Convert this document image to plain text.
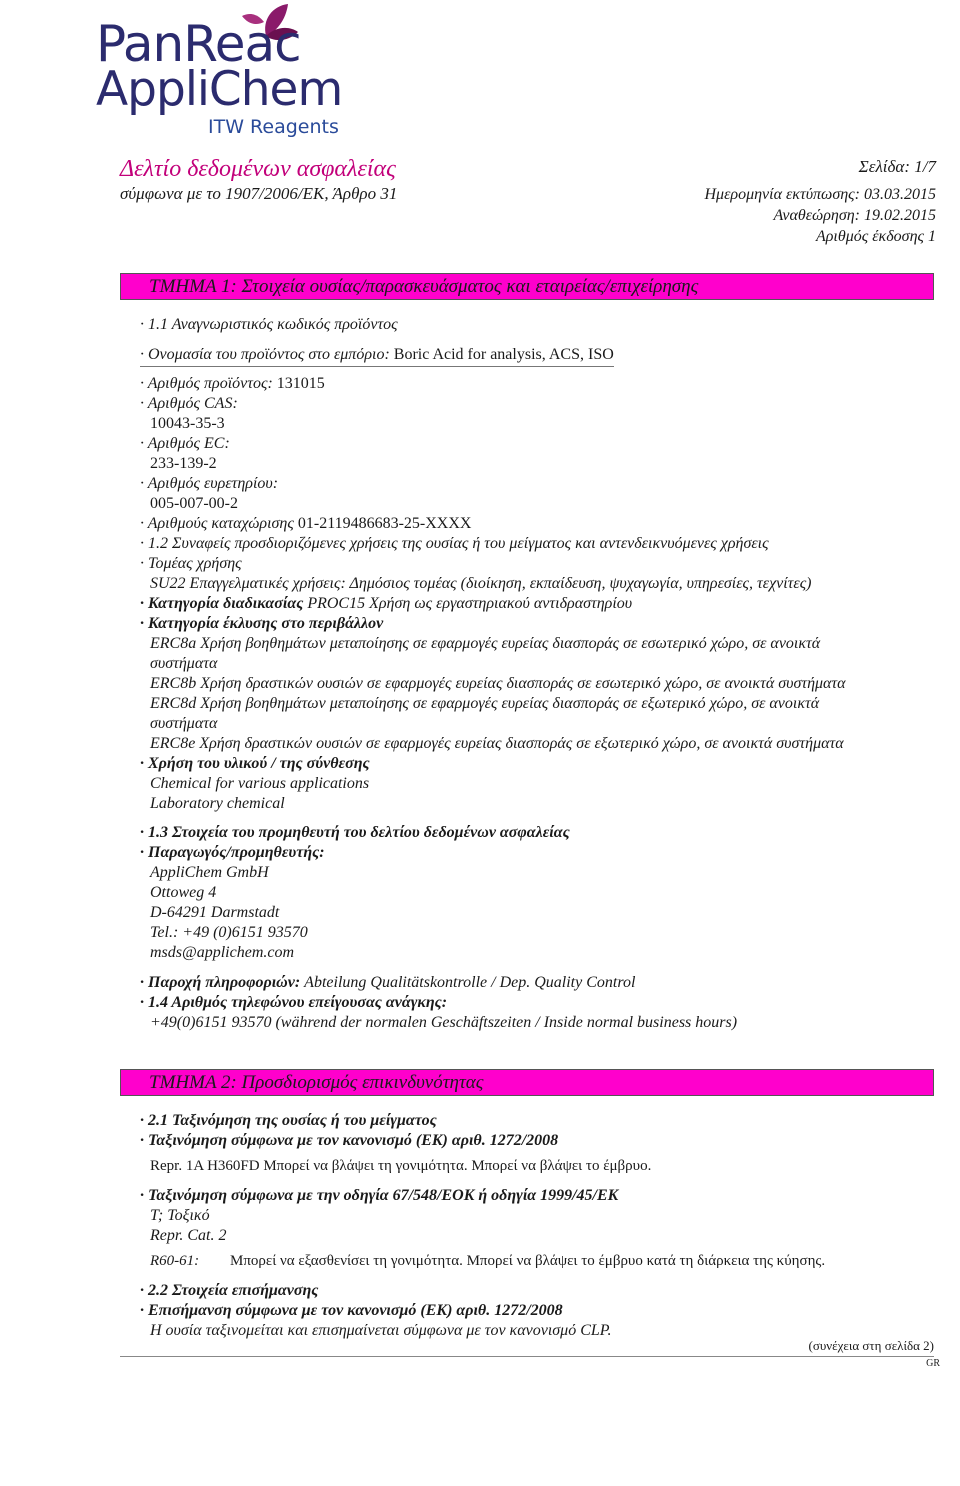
PanReac
AppliChem
ITW Reagents
Δελτίο δεδομένων ασφαλείας
σύμφωνα με το 1907/2006/ΕΚ, Άρθρο 31
Σελίδα: 1/7
Ημερομηνία εκτύπωσης: 03.03.2015
Αναθεώρηση: 19.02.2015
Αριθμός έκδοσης 1
ΤΜΗΜΑ 1: Στοιχεία ουσίας/παρασκευάσματος και εταιρείας/επιχείρησης
· 1.1 Αναγνωριστικός κωδικός προϊόντος
· Ονομασία του προϊόντος στο εμπόριο: Boric Acid for analysis, ACS, ISO
· Αριθμός προϊόντος: 131015
· Αριθμός CAS:
10043-35-3
· Αριθμός EC:
233-139-2
· Αριθμός ευρετηρίου:
005-007-00-2
· Αριθμούς καταχώρισης 01-2119486683-25-XXXX
· 1.2 Συναφείς προσδιοριζόμενες χρήσεις της ουσίας ή του μείγματος και αντενδεικνυόμενες χρήσεις
· Τομέας χρήσης
SU22 Επαγγελματικές χρήσεις: Δημόσιος τομέας (διοίκηση, εκπαίδευση, ψυχαγωγία, υπηρεσίες, τεχνίτες)
· Κατηγορία διαδικασίας PROC15 Χρήση ως εργαστηριακού αντιδραστηρίου
· Κατηγορία έκλυσης στο περιβάλλον
ERC8a Χρήση βοηθημάτων μεταποίησης σε εφαρμογές ευρείας διασποράς σε εσωτερικό χώρο, σε ανοικτά
συστήματα
ERC8b Χρήση δραστικών ουσιών σε εφαρμογές ευρείας διασποράς σε εσωτερικό χώρο, σε ανοικτά συστήματα
ERC8d Χρήση βοηθημάτων μεταποίησης σε εφαρμογές ευρείας διασποράς σε εξωτερικό χώρο, σε ανοικτά
συστήματα
ERC8e Χρήση δραστικών ουσιών σε εφαρμογές ευρείας διασποράς σε εξωτερικό χώρο, σε ανοικτά συστήματα
· Χρήση του υλικού / της σύνθεσης
Chemical for various applications
Laboratory chemical
· 1.3 Στοιχεία του προμηθευτή του δελτίου δεδομένων ασφαλείας
· Παραγωγός/προμηθευτής:
AppliChem GmbH
Ottoweg 4
D-64291 Darmstadt
Tel.: +49 (0)6151 93570
msds@applichem.com
· Παροχή πληροφοριών: Abteilung Qualitätskontrolle / Dep. Quality Control
· 1.4 Αριθμός τηλεφώνου επείγουσας ανάγκης:
+49(0)6151 93570 (während der normalen Geschäftszeiten / Inside normal business hours)
ΤΜΗΜΑ 2: Προσδιορισμός επικινδυνότητας
· 2.1 Ταξινόμηση της ουσίας ή του μείγματος
· Ταξινόμηση σύμφωνα με τον κανονισμό (ΕΚ) αριθ. 1272/2008
Repr. 1A H360FD Μπορεί να βλάψει τη γονιμότητα. Μπορεί να βλάψει το έμβρυο.
· Ταξινόμηση σύμφωνα με την οδηγία 67/548/ΕΟΚ ή οδηγία 1999/45/ΕΚ
T; Τοξικό
Repr. Cat. 2
R60-61: Μπορεί να εξασθενίσει τη γονιμότητα. Μπορεί να βλάψει το έμβρυο κατά τη διάρκεια της κύησης.
· 2.2 Στοιχεία επισήμανσης
· Επισήμανση σύμφωνα με τον κανονισμό (ΕΚ) αριθ. 1272/2008
Η ουσία ταξινομείται και επισημαίνεται σύμφωνα με τον κανονισμό CLP.
(συνέχεια στη σελίδα 2)
GR
